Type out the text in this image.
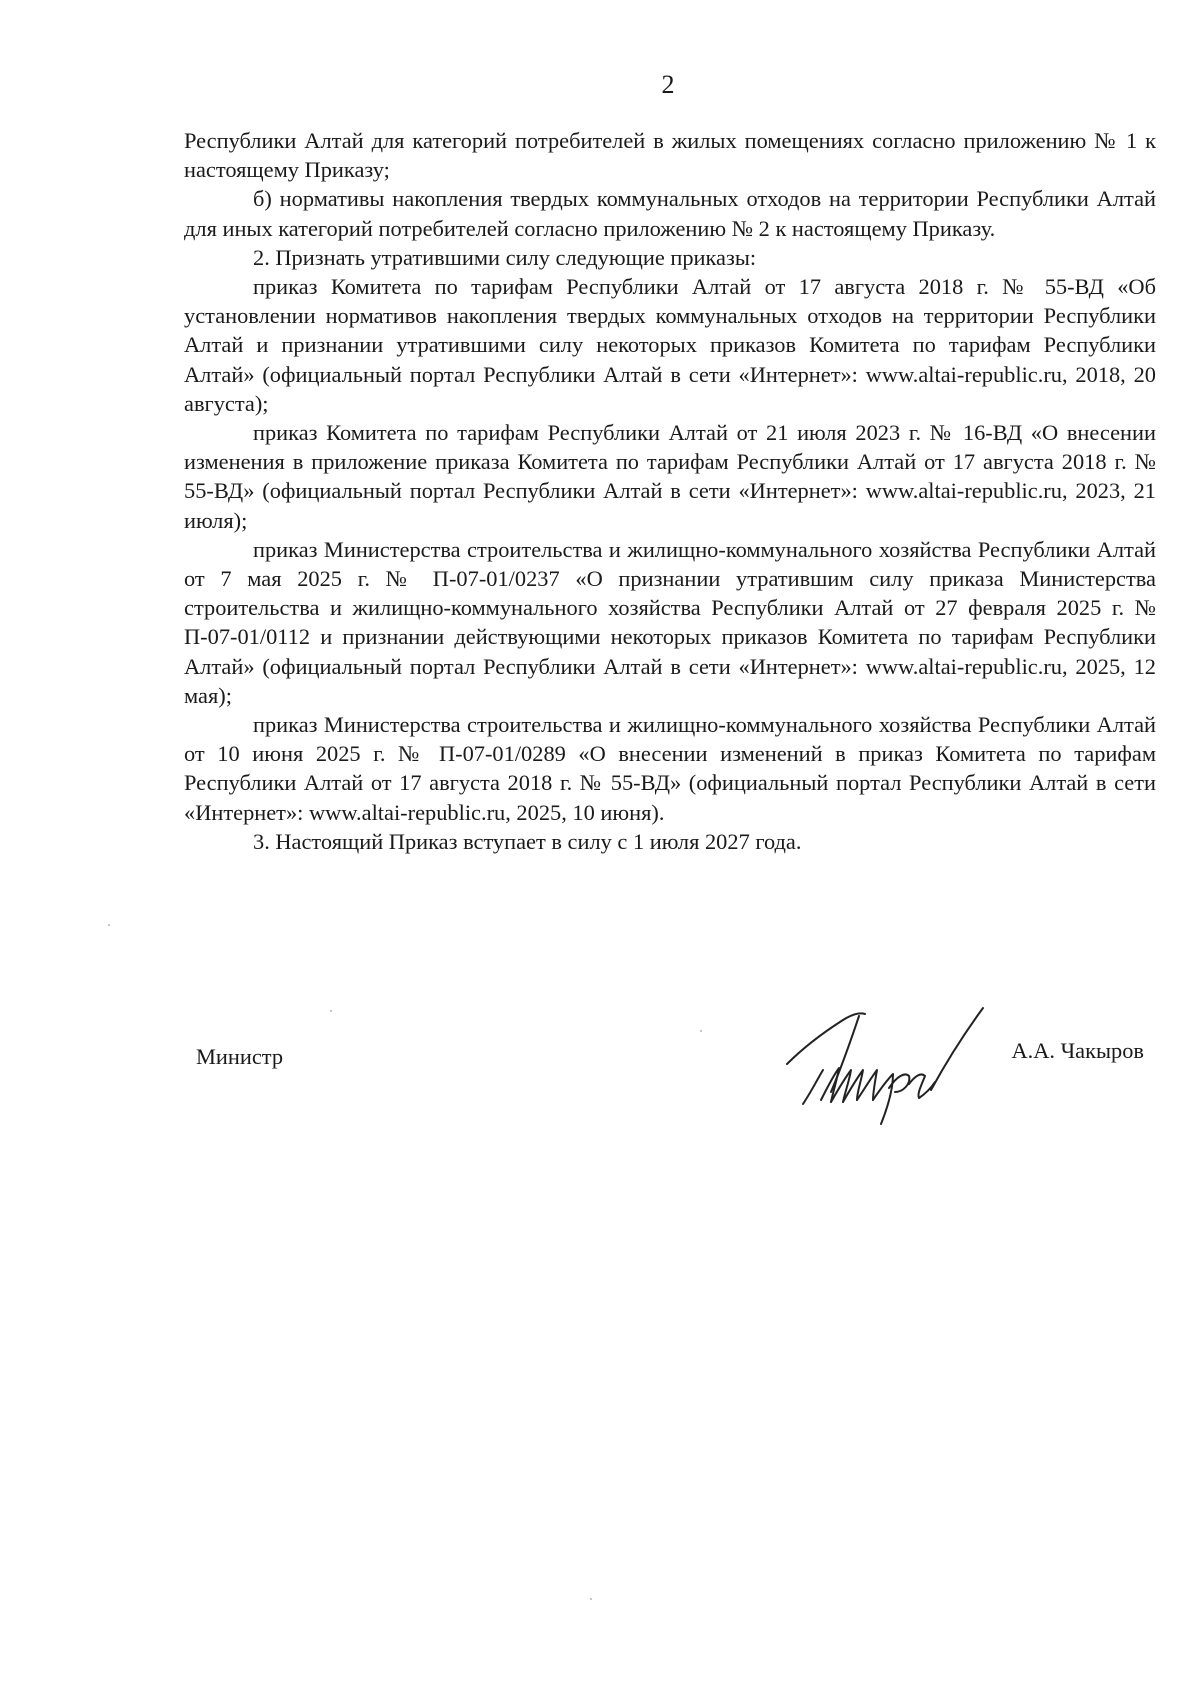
2

Республики Алтай для категорий потребителей в жилых помещениях согласно приложению № 1 к настоящему Приказу;

б) нормативы накопления твердых коммунальных отходов на территории Республики Алтай для иных категорий потребителей согласно приложению № 2 к настоящему Приказу.

2. Признать утратившими силу следующие приказы:

приказ Комитета по тарифам Республики Алтай от 17 августа 2018 г. № 55-ВД «Об установлении нормативов накопления твердых коммунальных отходов на территории Республики Алтай и признании утратившими силу некоторых приказов Комитета по тарифам Республики Алтай» (официальный портал Республики Алтай в сети «Интернет»: www.altai-republic.ru, 2018, 20 августа);

приказ Комитета по тарифам Республики Алтай от 21 июля 2023 г. № 16-ВД «О внесении изменения в приложение приказа Комитета по тарифам Республики Алтай от 17 августа 2018 г. № 55-ВД» (официальный портал Республики Алтай в сети «Интернет»: www.altai-republic.ru, 2023, 21 июля);

приказ Министерства строительства и жилищно-коммунального хозяйства Республики Алтай от 7 мая 2025 г. № П-07-01/0237 «О признании утратившим силу приказа Министерства строительства и жилищно-коммунального хозяйства Республики Алтай от 27 февраля 2025 г. № П-07-01/0112 и признании действующими некоторых приказов Комитета по тарифам Республики Алтай» (официальный портал Республики Алтай в сети «Интернет»: www.altai-republic.ru, 2025, 12 мая);

приказ Министерства строительства и жилищно-коммунального хозяйства Республики Алтай от 10 июня 2025 г. № П-07-01/0289 «О внесении изменений в приказ Комитета по тарифам Республики Алтай от 17 августа 2018 г. № 55-ВД» (официальный портал Республики Алтай в сети «Интернет»: www.altai-republic.ru, 2025, 10 июня).

3. Настоящий Приказ вступает в силу с 1 июля 2027 года.

Министр	А.А. Чакыров
